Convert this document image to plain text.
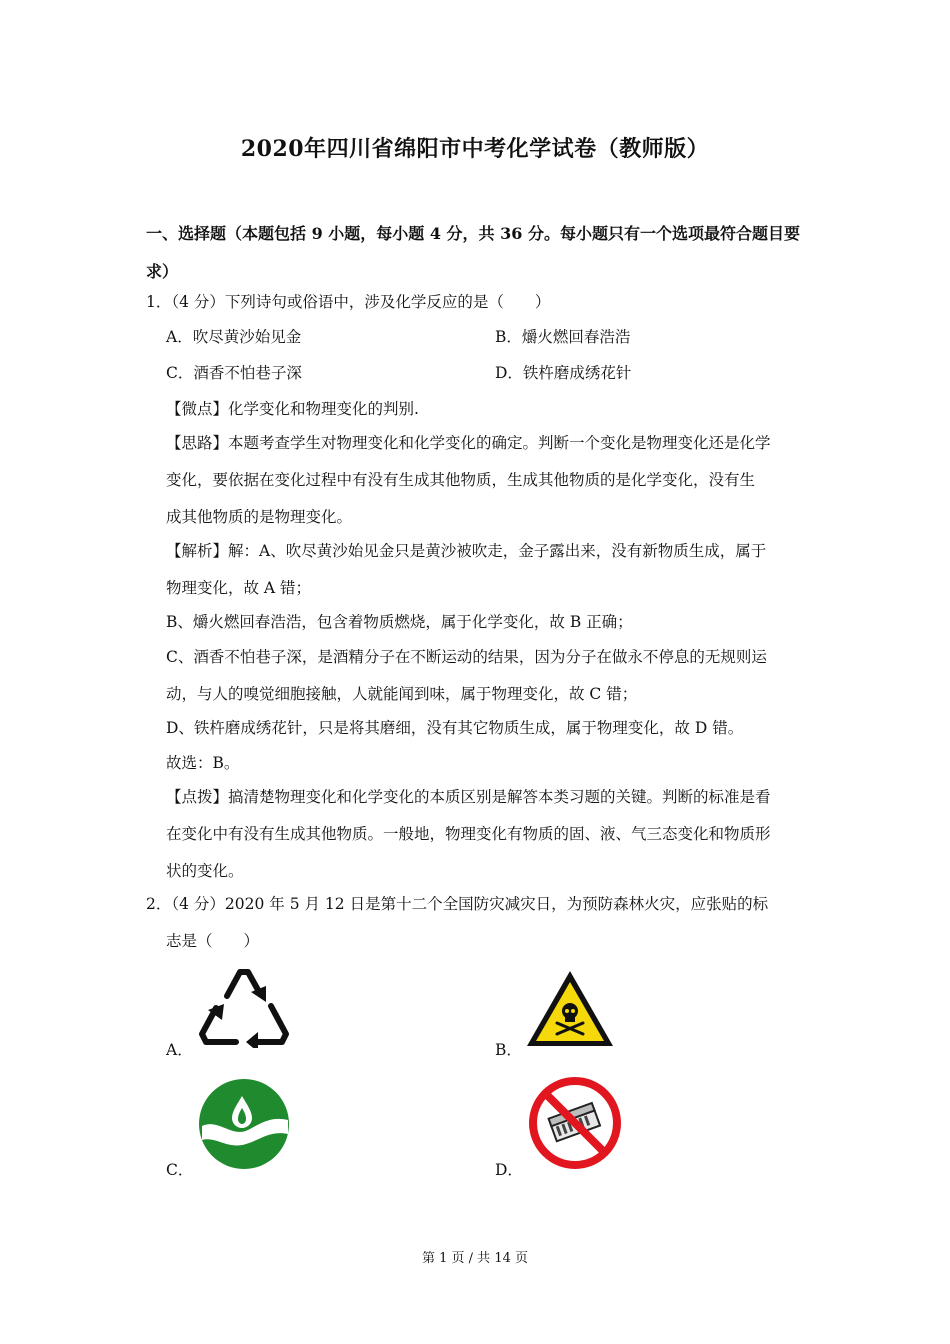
2020年四川省绵阳市中考化学试卷（教师版）
一、选择题（本题包括 9 小题，每小题 4 分，共 36 分。每小题只有一个选项最符合题目要
求）
1．（4 分）下列诗句或俗语中，涉及化学反应的是（　　）
A．吹尽黄沙始见金	B．爝火燃回春浩浩
C．酒香不怕巷子深	D．铁杵磨成绣花针
【微点】化学变化和物理变化的判别.
【思路】本题考查学生对物理变化和化学变化的确定。判断一个变化是物理变化还是化学
变化，要依据在变化过程中有没有生成其他物质，生成其他物质的是化学变化，没有生
成其他物质的是物理变化。
【解析】解：A、吹尽黄沙始见金只是黄沙被吹走，金子露出来，没有新物质生成，属于
物理变化，故 A 错；
B、爝火燃回春浩浩，包含着物质燃烧，属于化学变化，故 B 正确；
C、酒香不怕巷子深，是酒精分子在不断运动的结果，因为分子在做永不停息的无规则运
动，与人的嗅觉细胞接触，人就能闻到味，属于物理变化，故 C 错；
D、铁杵磨成绣花针，只是将其磨细，没有其它物质生成，属于物理变化，故 D 错。
故选：B。
【点拨】搞清楚物理变化和化学变化的本质区别是解答本类习题的关键。判断的标准是看
在变化中有没有生成其他物质。一般地，物理变化有物质的固、液、气三态变化和物质形
状的变化。
2．（4 分）2020 年 5 月 12 日是第十二个全国防灾减灾日，为预防森林火灾，应张贴的标
志是（　　）
A．	B．
C．	D．
第 1 页 / 共 14 页
